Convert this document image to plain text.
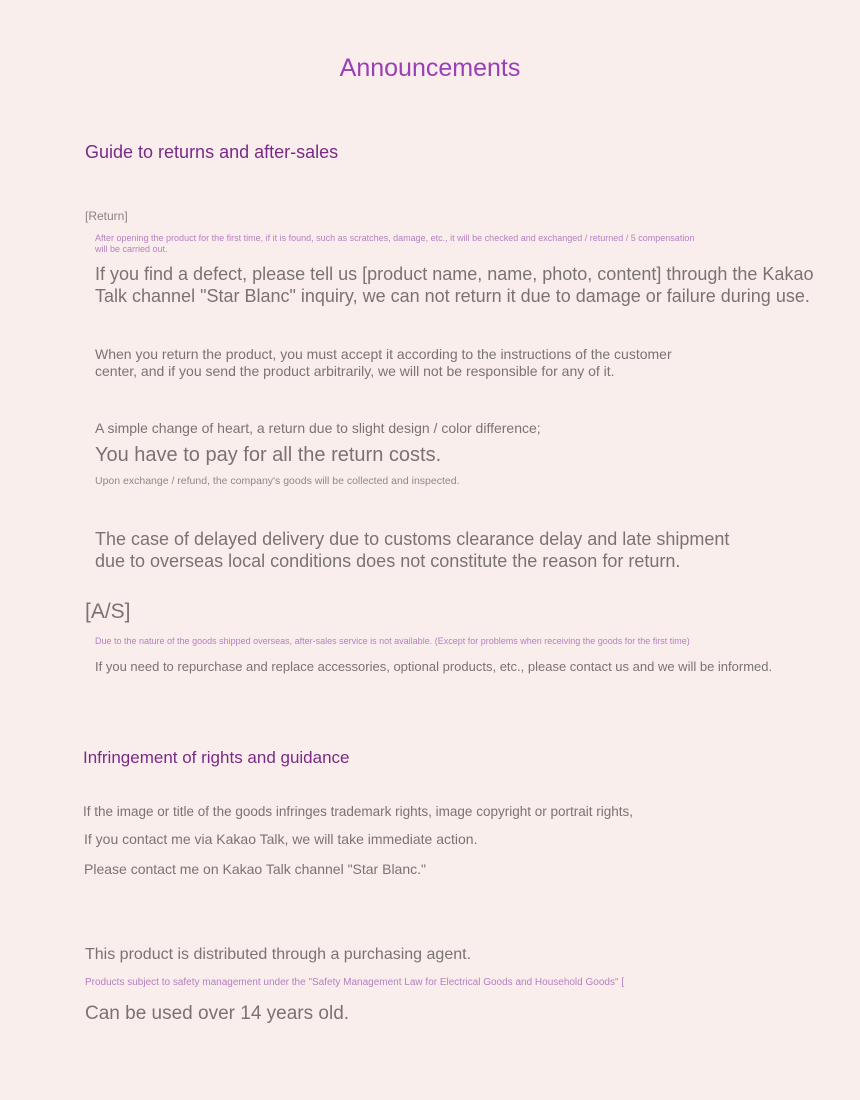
Announcements
Guide to returns and after-sales
[Return]
After opening the product for the first time, if it is found, such as scratches, damage, etc., it will be checked and exchanged / returned / 5 compensation
will be carried out.
If you find a defect, please tell us [product name, name, photo, content] through the Kakao
Talk channel "Star Blanc" inquiry, we can not return it due to damage or failure during use.
When you return the product, you must accept it according to the instructions of the customer
center, and if you send the product arbitrarily, we will not be responsible for any of it.
A simple change of heart, a return due to slight design / color difference;
You have to pay for all the return costs.
Upon exchange / refund, the company's goods will be collected and inspected.
The case of delayed delivery due to customs clearance delay and late shipment
due to overseas local conditions does not constitute the reason for return.
[A/S]
Due to the nature of the goods shipped overseas, after-sales service is not available. (Except for problems when receiving the goods for the first time)
If you need to repurchase and replace accessories, optional products, etc., please contact us and we will be informed.
Infringement of rights and guidance
If the image or title of the goods infringes trademark rights, image copyright or portrait rights,
If you contact me via Kakao Talk, we will take immediate action.
Please contact me on Kakao Talk channel "Star Blanc."
This product is distributed through a purchasing agent.
Products subject to safety management under the "Safety Management Law for Electrical Goods and Household Goods" [
Can be used over 14 years old.
